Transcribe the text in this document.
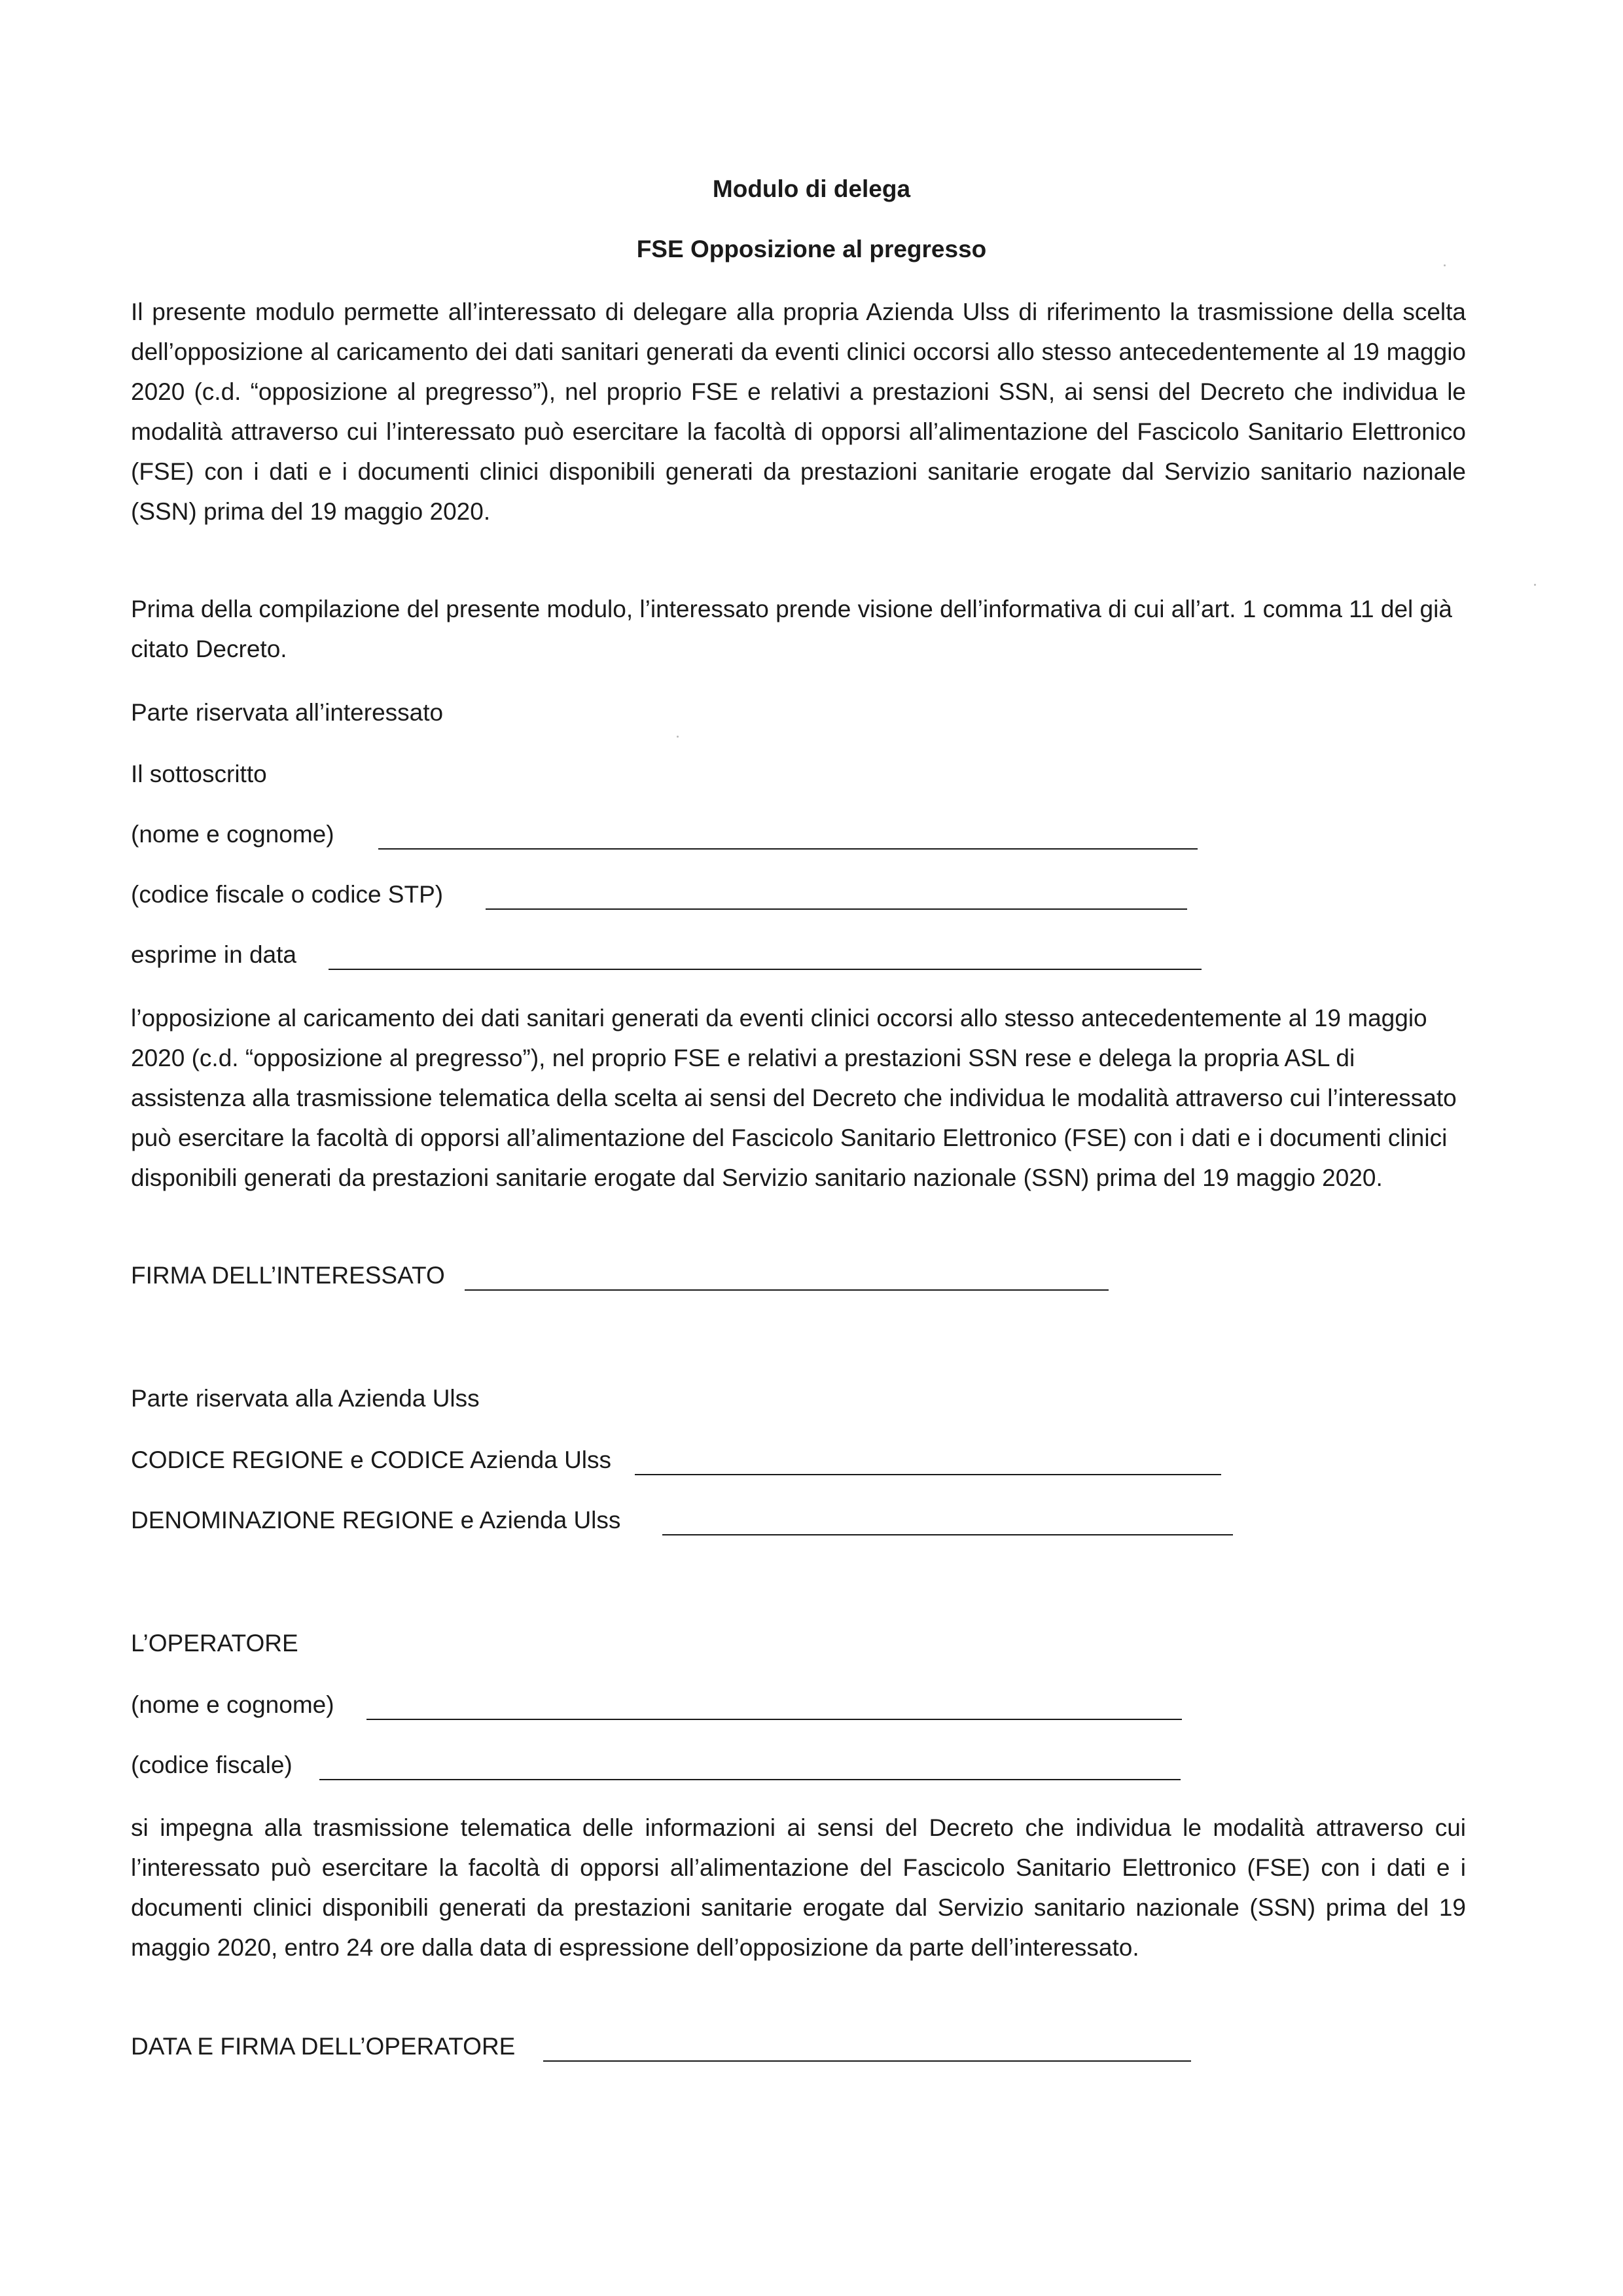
Modulo di delega
FSE Opposizione al pregresso

Il presente modulo permette all’interessato di delegare alla propria Azienda Ulss di riferimento la trasmissione della scelta dell’opposizione al caricamento dei dati sanitari generati da eventi clinici occorsi allo stesso antecedentemente al 19 maggio 2020 (c.d. “opposizione al pregresso”), nel proprio FSE e relativi a prestazioni SSN, ai sensi del Decreto che individua le modalità attraverso cui l’interessato può esercitare la facoltà di opporsi all’alimentazione del Fascicolo Sanitario Elettronico (FSE) con i dati e i documenti clinici disponibili generati da prestazioni sanitarie erogate dal Servizio sanitario nazionale (SSN) prima del 19 maggio 2020.

Prima della compilazione del presente modulo, l’interessato prende visione dell’informativa di cui all’art. 1 comma 11 del già citato Decreto.

Parte riservata all’interessato
Il sottoscritto
(nome e cognome)
(codice fiscale o codice STP)
esprime in data

l’opposizione al caricamento dei dati sanitari generati da eventi clinici occorsi allo stesso antecedentemente al 19 maggio 2020 (c.d. “opposizione al pregresso”), nel proprio FSE e relativi a prestazioni SSN rese e delega la propria ASL di assistenza alla trasmissione telematica della scelta ai sensi del Decreto che individua le modalità attraverso cui l’interessato può esercitare la facoltà di opporsi all’alimentazione del Fascicolo Sanitario Elettronico (FSE) con i dati e i documenti clinici disponibili generati da prestazioni sanitarie erogate dal Servizio sanitario nazionale (SSN) prima del 19 maggio 2020.

FIRMA DELL’INTERESSATO
Parte riservata alla Azienda Ulss
CODICE REGIONE e CODICE Azienda Ulss
DENOMINAZIONE REGIONE e Azienda Ulss
L’OPERATORE
(nome e cognome)
(codice fiscale)

si impegna alla trasmissione telematica delle informazioni ai sensi del Decreto che individua le modalità attraverso cui l’interessato può esercitare la facoltà di opporsi all’alimentazione del Fascicolo Sanitario Elettronico (FSE) con i dati e i documenti clinici disponibili generati da prestazioni sanitarie erogate dal Servizio sanitario nazionale (SSN) prima del 19 maggio 2020, entro 24 ore dalla data di espressione dell’opposizione da parte dell’interessato.

DATA E FIRMA DELL’OPERATORE
